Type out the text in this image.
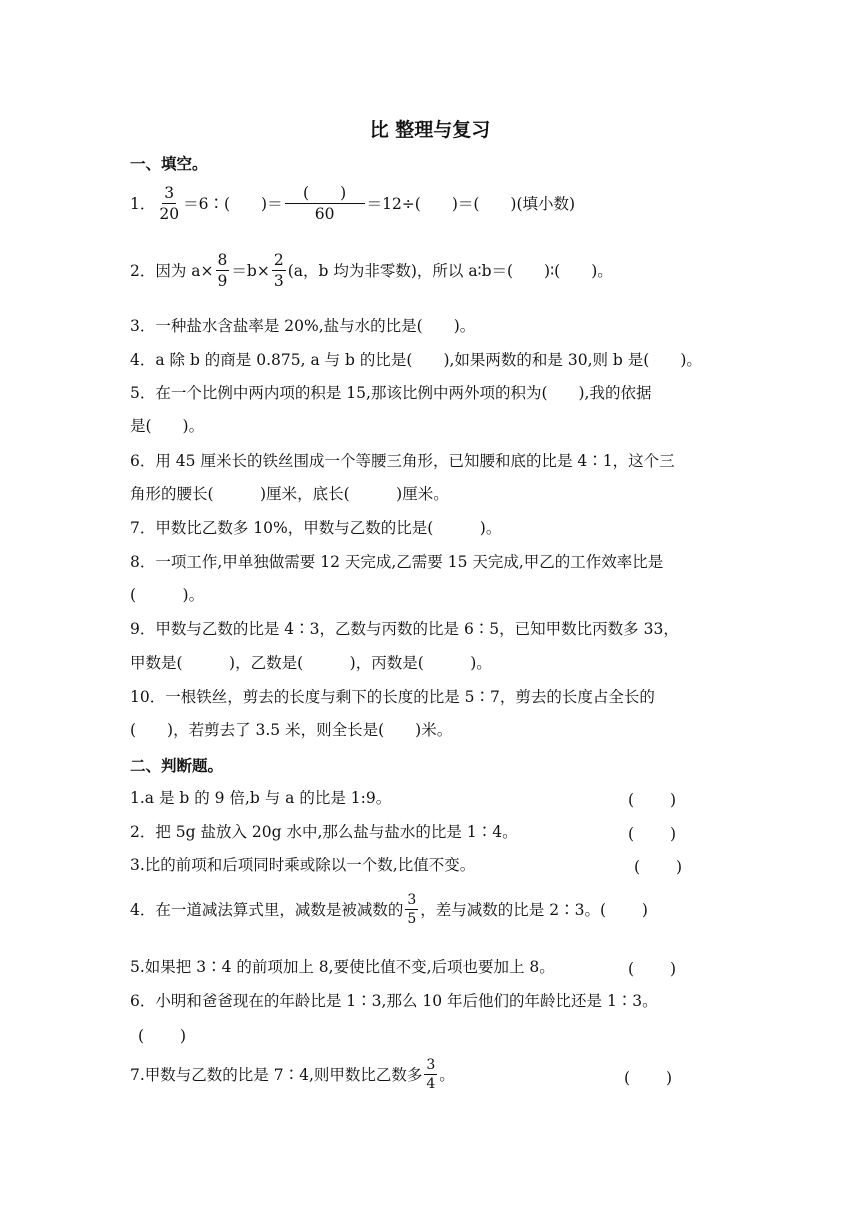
比 整理与复习
一、填空。
1． $\frac{3}{20}$ ＝6∶(　　)＝ $\frac{( )}{60} =12\div$(　　)＝(　　)(填小数)
2．因为 $a\times \frac{8}{9} =b\times \frac{2}{3} (a$，b 均为非零数)，所以 a∶b＝(　　)∶(　　)。
3．一种盐水含盐率是 20%,盐与水的比是(　　)。
4．a 除 b 的商是 0.875, a 与 b 的比是(　　),如果两数的和是 30,则 b 是(　　)。
5．在一个比例中两内项的积是 15,那该比例中两外项的积为(　　),我的依据
是(　　)。
6．用 45 厘米长的铁丝围成一个等腰三角形，已知腰和底的比是 4∶1，这个三
角形的腰长(　　　)厘米，底长(　　　)厘米。
7．甲数比乙数多 10%，甲数与乙数的比是(　　　)。
8．一项工作,甲单独做需要 12 天完成,乙需要 15 天完成,甲乙的工作效率比是
(　　　)。
9．甲数与乙数的比是 4∶3，乙数与丙数的比是 6∶5，已知甲数比丙数多 33，
甲数是(　　　)，乙数是(　　　)，丙数是(　　　)。
10．一根铁丝，剪去的长度与剩下的长度的比是 5∶7，剪去的长度占全长的
(　　)，若剪去了 3.5 米，则全长是(　　)米。
二、判断题。
1.a 是 b 的 9 倍,b 与 a 的比是 1:9。	(　　 )
2．把 5g 盐放入 20g 水中,那么盐与盐水的比是 1∶4。	(　　 )
3.比的前项和后项同时乘或除以一个数,比值不变。	(　　 )
4．在一道减法算式里，减数是被减数的 $\frac{3}{5}$ ，差与减数的比是 2∶3。(　　 )
5.如果把 3∶4 的前项加上 8,要使比值不变,后项也要加上 8。	(　　 )
6．小明和爸爸现在的年龄比是 1∶3,那么 10 年后他们的年龄比还是 1∶3。
(　　 )
7.甲数与乙数的比是 7∶4,则甲数比乙数多 $\frac{3}{4}$ 。	(　　 )
